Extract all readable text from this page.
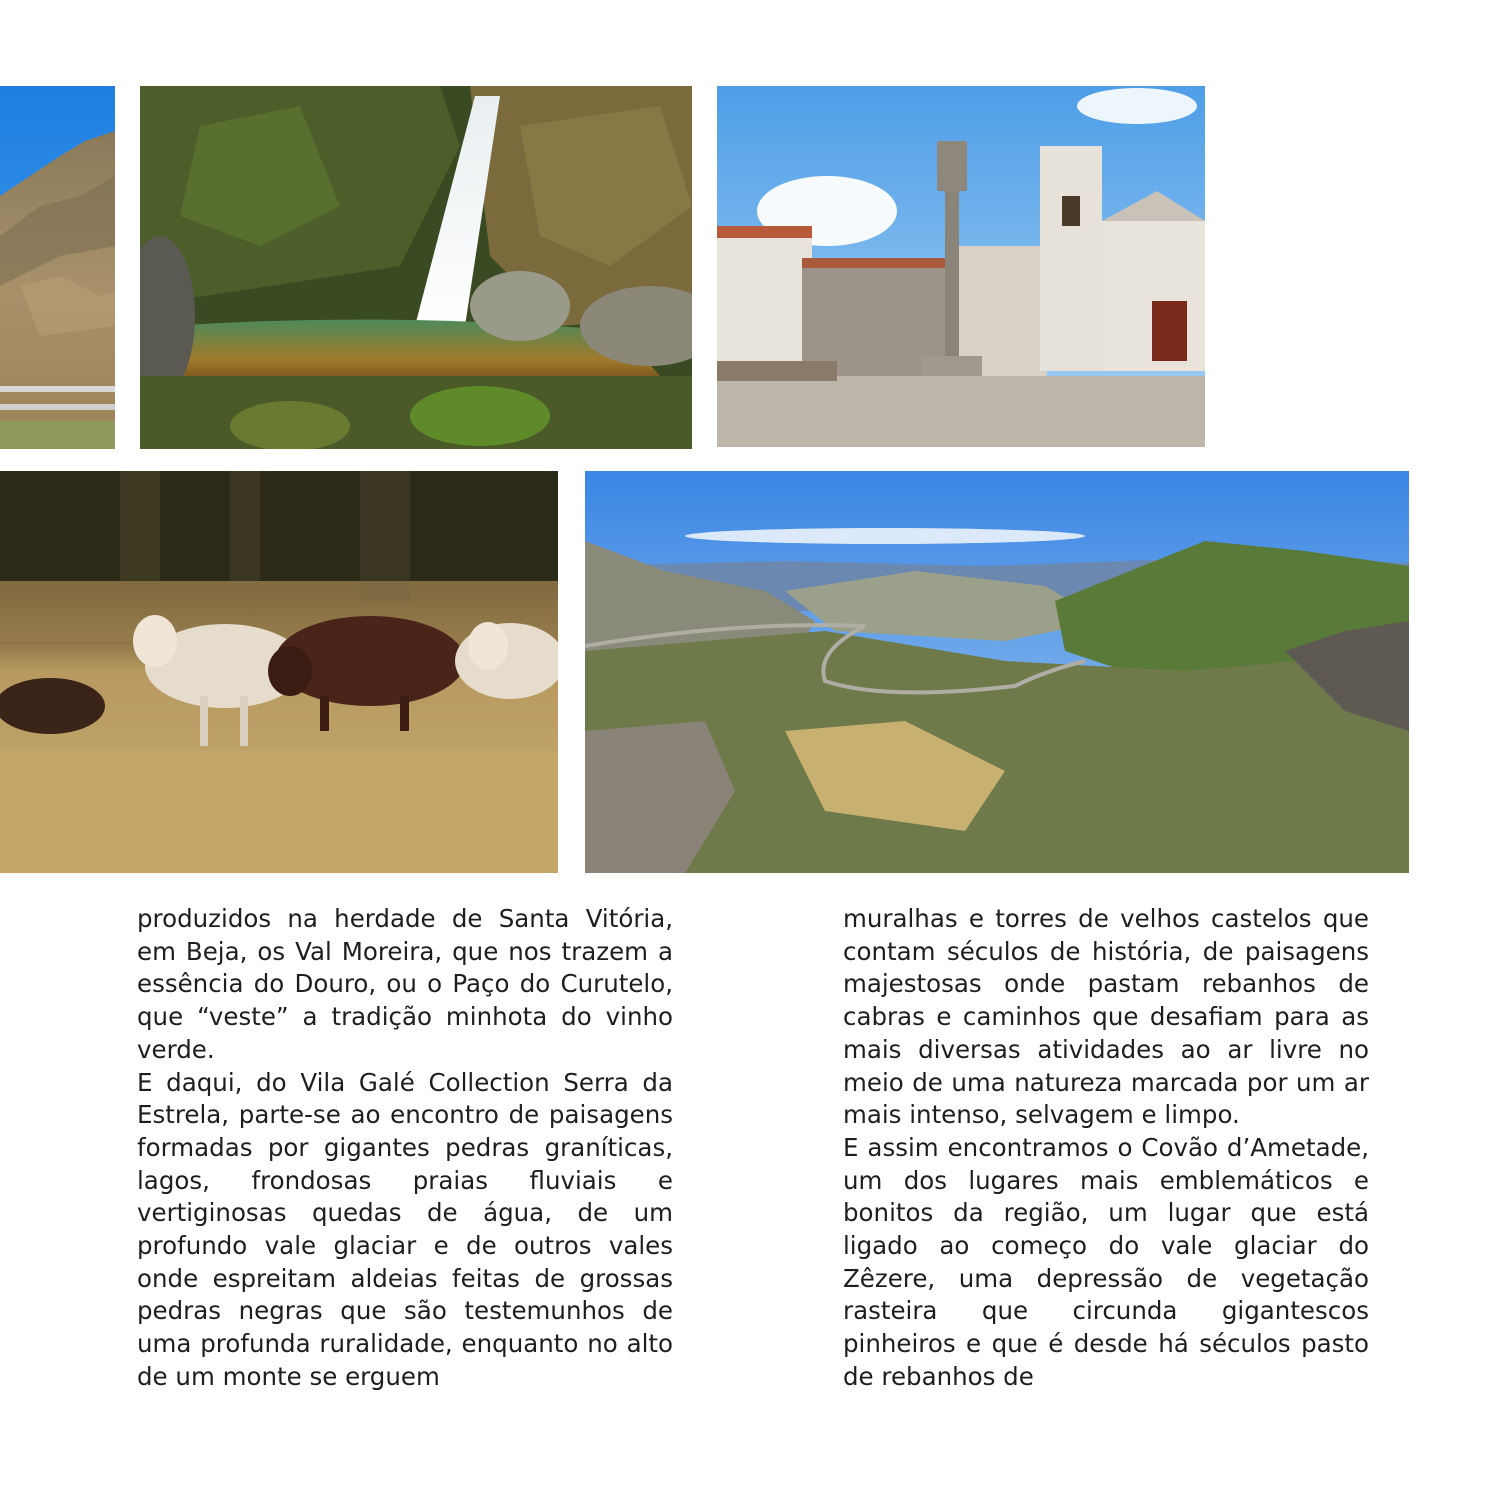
produzidos na herdade de Santa Vitória, em Beja, os Val Moreira, que nos trazem a essência do Douro, ou o Paço do Curutelo, que “veste” a tradição minhota do vinho verde.

E daqui, do Vila Galé Collection Serra da Estrela, parte-se ao encontro de paisagens formadas por gigantes pedras graníticas, lagos, frondosas praias fluviais e vertiginosas quedas de água, de um profundo vale glaciar e de outros vales onde espreitam aldeias feitas de grossas pedras negras que são testemunhos de uma profunda ruralidade, enquanto no alto de um monte se erguem

muralhas e torres de velhos castelos que contam séculos de história, de paisagens majestosas onde pastam rebanhos de cabras e caminhos que desafiam para as mais diversas atividades ao ar livre no meio de uma natureza marcada por um ar mais intenso, selvagem e limpo.

E assim encontramos o Covão d’Ametade, um dos lugares mais emblemáticos e bonitos da região, um lugar que está ligado ao começo do vale glaciar do Zêzere, uma depressão de vegetação rasteira que circunda gigantescos pinheiros e que é desde há séculos pasto de rebanhos de
